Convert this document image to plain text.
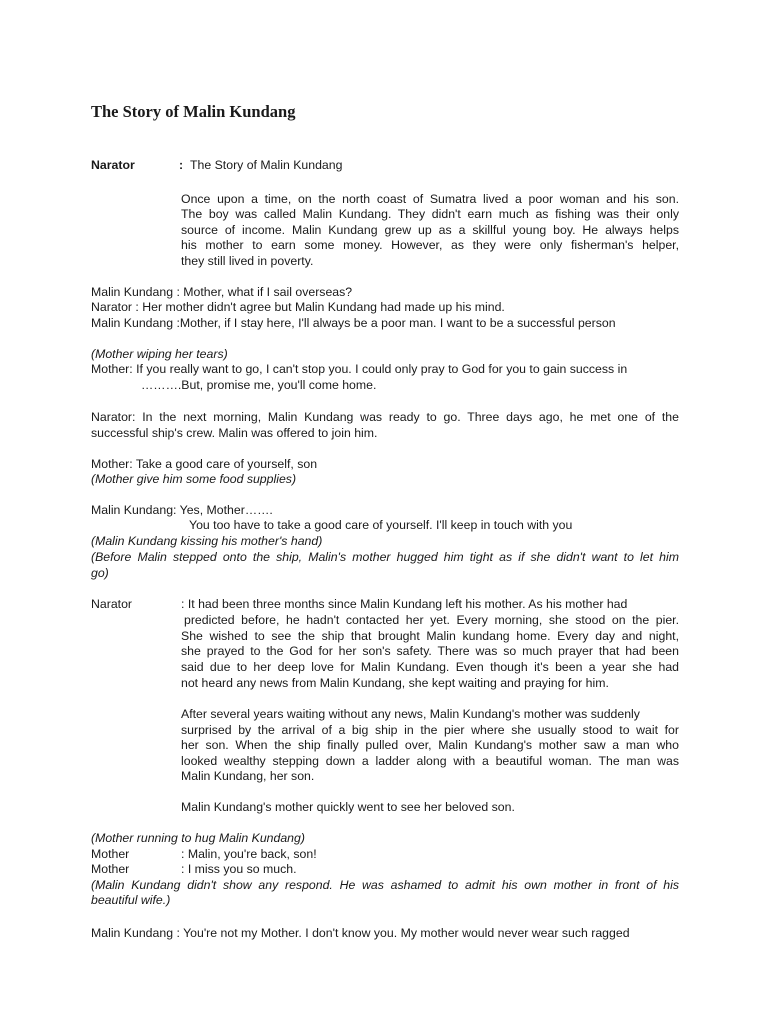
The Story of Malin Kundang
Narator	: The Story of Malin Kundang
Once upon a time, on the north coast of Sumatra lived a poor woman and his son.
The boy was called Malin Kundang. They didn't earn much as fishing was their only
source of income. Malin Kundang grew up as a skillful young boy. He always helps
his mother to earn some money. However, as they were only fisherman's helper,
they still lived in poverty.
Malin Kundang : Mother, what if I sail overseas?
Narator : Her mother didn't agree but Malin Kundang had made up his mind.
Malin Kundang :Mother, if I stay here, I'll always be a poor man. I want to be a successful person
(Mother wiping her tears)
Mother: If you really want to go, I can't stop you. I could only pray to God for you to gain success in
……….But, promise me, you'll come home.
Narator: In the next morning, Malin Kundang was ready to go. Three days ago, he met one of the
successful ship's crew. Malin was offered to join him.
Mother: Take a good care of yourself, son
(Mother give him some food supplies)
Malin Kundang: Yes, Mother…….
You too have to take a good care of yourself. I'll keep in touch with you
(Malin Kundang kissing his mother's hand)
(Before Malin stepped onto the ship, Malin's mother hugged him tight as if she didn't want to let him
go)
Narator	: It had been three months since Malin Kundang left his mother. As his mother had
predicted before, he hadn't contacted her yet. Every morning, she stood on the pier.
She wished to see the ship that brought Malin kundang home. Every day and night,
she prayed to the God for her son's safety. There was so much prayer that had been
said due to her deep love for Malin Kundang. Even though it's been a year she had
not heard any news from Malin Kundang, she kept waiting and praying for him.
After several years waiting without any news, Malin Kundang's mother was suddenly
surprised by the arrival of a big ship in the pier where she usually stood to wait for
her son. When the ship finally pulled over, Malin Kundang's mother saw a man who
looked wealthy stepping down a ladder along with a beautiful woman. The man was
Malin Kundang, her son.
Malin Kundang's mother quickly went to see her beloved son.
(Mother running to hug Malin Kundang)
Mother	: Malin, you're back, son!
Mother	: I miss you so much.
(Malin Kundang didn't show any respond. He was ashamed to admit his own mother in front of his
beautiful wife.)
Malin Kundang : You're not my Mother. I don't know you. My mother would never wear such ragged
